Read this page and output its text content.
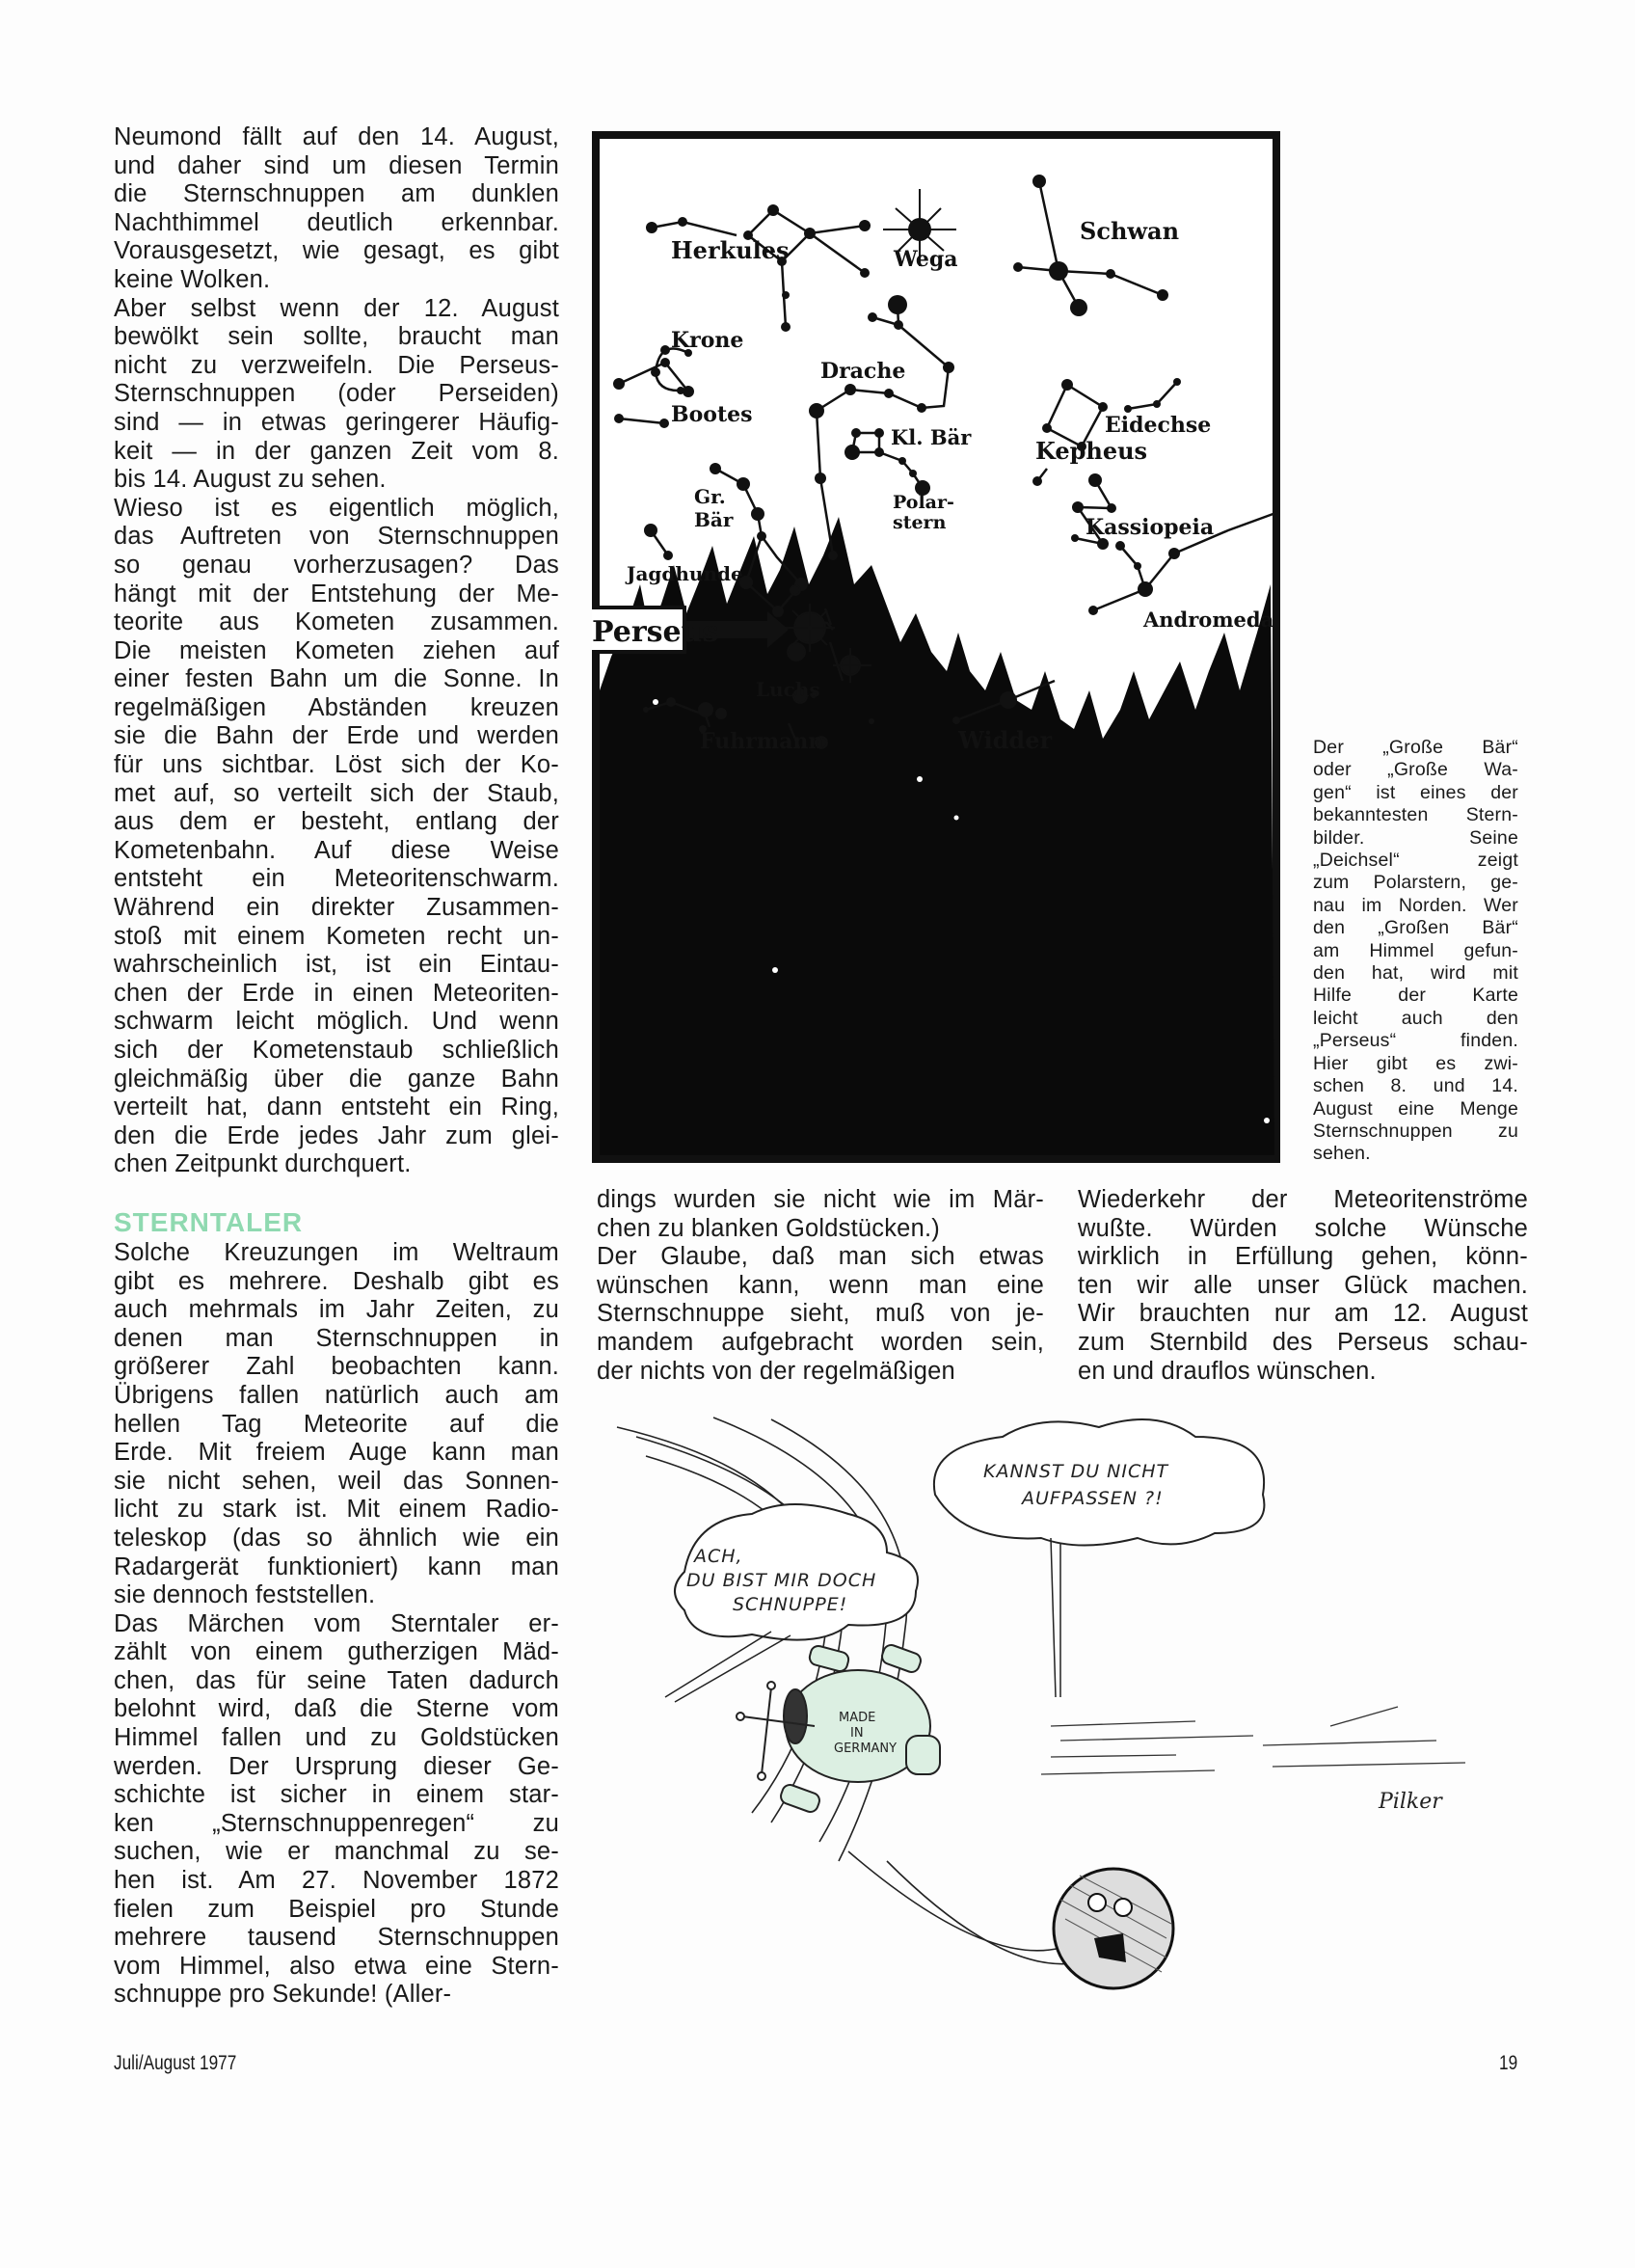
Neumond fällt auf den 14. August,
und daher sind um diesen Termin
die Sternschnuppen am dunklen
Nachthimmel deutlich erkennbar.
Vorausgesetzt, wie gesagt, es gibt
keine Wolken.

Aber selbst wenn der 12. August
bewölkt sein sollte, braucht man
nicht zu verzweifeln. Die Perseus-
Sternschnuppen (oder Perseiden)
sind — in etwas geringerer Häufig-
keit — in der ganzen Zeit vom 8.
bis 14. August zu sehen.

Wieso ist es eigentlich möglich,
das Auftreten von Sternschnuppen
so genau vorherzusagen? Das
hängt mit der Entstehung der Me-
teorite aus Kometen zusammen.
Die meisten Kometen ziehen auf
einer festen Bahn um die Sonne. In
regelmäßigen Abständen kreuzen
sie die Bahn der Erde und werden
für uns sichtbar. Löst sich der Ko-
met auf, so verteilt sich der Staub,
aus dem er besteht, entlang der
Kometenbahn. Auf diese Weise
entsteht ein Meteoritenschwarm.
Während ein direkter Zusammen-
stoß mit einem Kometen recht un-
wahrscheinlich ist, ist ein Eintau-
chen der Erde in einen Meteoriten-
schwarm leicht möglich. Und wenn
sich der Kometenstaub schließlich
gleichmäßig über die ganze Bahn
verteilt hat, dann entsteht ein Ring,
den die Erde jedes Jahr zum glei-
chen Zeitpunkt durchquert.

STERNTALER

Solche Kreuzungen im Weltraum
gibt es mehrere. Deshalb gibt es
auch mehrmals im Jahr Zeiten, zu
denen man Sternschnuppen in
größerer Zahl beobachten kann.
Übrigens fallen natürlich auch am
hellen Tag Meteorite auf die
Erde. Mit freiem Auge kann man
sie nicht sehen, weil das Sonnen-
licht zu stark ist. Mit einem Radio-
teleskop (das so ähnlich wie ein
Radargerät funktioniert) kann man
sie dennoch feststellen.

Das Märchen vom Sterntaler er-
zählt von einem gutherzigen Mäd-
chen, das für seine Taten dadurch
belohnt wird, daß die Sterne vom
Himmel fallen und zu Goldstücken
werden. Der Ursprung dieser Ge-
schichte ist sicher in einem star-
ken „Sternschnuppenregen“ zu
suchen, wie er manchmal zu se-
hen ist. Am 27. November 1872
fielen zum Beispiel pro Stunde
mehrere tausend Sternschnuppen
vom Himmel, also etwa eine Stern-
schnuppe pro Sekunde! (Aller-

Herkules	Wega
Schwan
Krone
Drache
Bootes
Kl. Bär	Eidechse
Kepheus
Gr.
Bär
Polar-
stern	Kassiopeia
Jagdhunde
Andromeda
Perseus
Luchs
Fuhrmann	Widder	Der „Große Bär“
oder „Große Wa-
gen“ ist eines der
bekanntesten Stern-
bilder. Seine
„Deichsel“ zeigt
zum Polarstern, ge-
nau im Norden. Wer
den „Großen Bär“
am Himmel gefun-
den hat, wird mit
Hilfe der Karte
leicht auch den
„Perseus“ finden.
Hier gibt es zwi-
schen 8. und 14.
August eine Menge
Sternschnuppen zu
sehen.

dings wurden sie nicht wie im Mär-
chen zu blanken Goldstücken.)

Der Glaube, daß man sich etwas
wünschen kann, wenn man eine
Sternschnuppe sieht, muß von je-
mandem aufgebracht worden sein,
der nichts von der regelmäßigen

Wiederkehr der Meteoritenströme
wußte. Würden solche Wünsche
wirklich in Erfüllung gehen, könn-
ten wir alle unser Glück machen.
Wir brauchten nur am 12. August
zum Sternbild des Perseus schau-
en und drauflos wünschen.

KANNST DU NICHT
AUFPASSEN ?!
ACH,
DU BIST MIR DOCH
SCHNUPPE!
MADE
IN
GERMANY
Pilker
Juli/August 1977	19
